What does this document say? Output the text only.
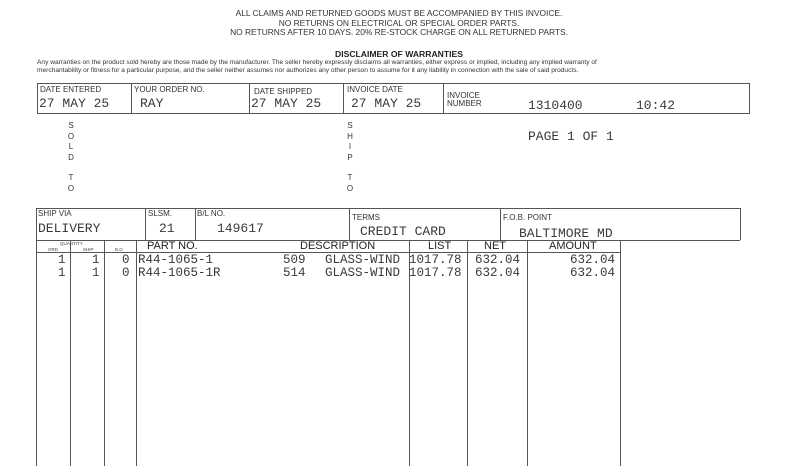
ALL CLAIMS AND RETURNED GOODS MUST BE ACCOMPANIED BY THIS INVOICE.
NO RETURNS ON ELECTRICAL OR SPECIAL ORDER PARTS.
NO RETURNS AFTER 10 DAYS. 20% RE-STOCK CHARGE ON ALL RETURNED PARTS.
DISCLAIMER OF WARRANTIES
Any warranties on the product sold hereby are those made by the manufacturer. The seller hereby expressly disclaims all warranties, either express or implied, including any implied warranty of
merchantability or fitness for a particular purpose, and the seller neither assumes nor authorizes any other person to assume for it any liability in connection with the sale of said products.
DATE ENTERED
27 MAY 25
YOUR ORDER NO.
RAY
DATE SHIPPED
27 MAY 25
INVOICE DATE
27 MAY 25
INVOICE
NUMBER	1310400	10:42
S
O
L
D
T
O
S
H
I
P
T
O
PAGE 1 OF 1
SHIP VIA
DELIVERY
SLSM.
21
B/L NO.
149617
TERMS
CREDIT CARD
F.O.B. POINT
BALTIMORE MD
QUANTITY
ORD	SHIP	B.O PART NO.	DESCRIPTION	LIST	NET	AMOUNT
1 1 0 R44-1065-1	509 GLASS-WIND 1017.78 632.04	632.04
1 1 0 R44-1065-1R	514 GLASS-WIND 1017.78 632.04	632.04
